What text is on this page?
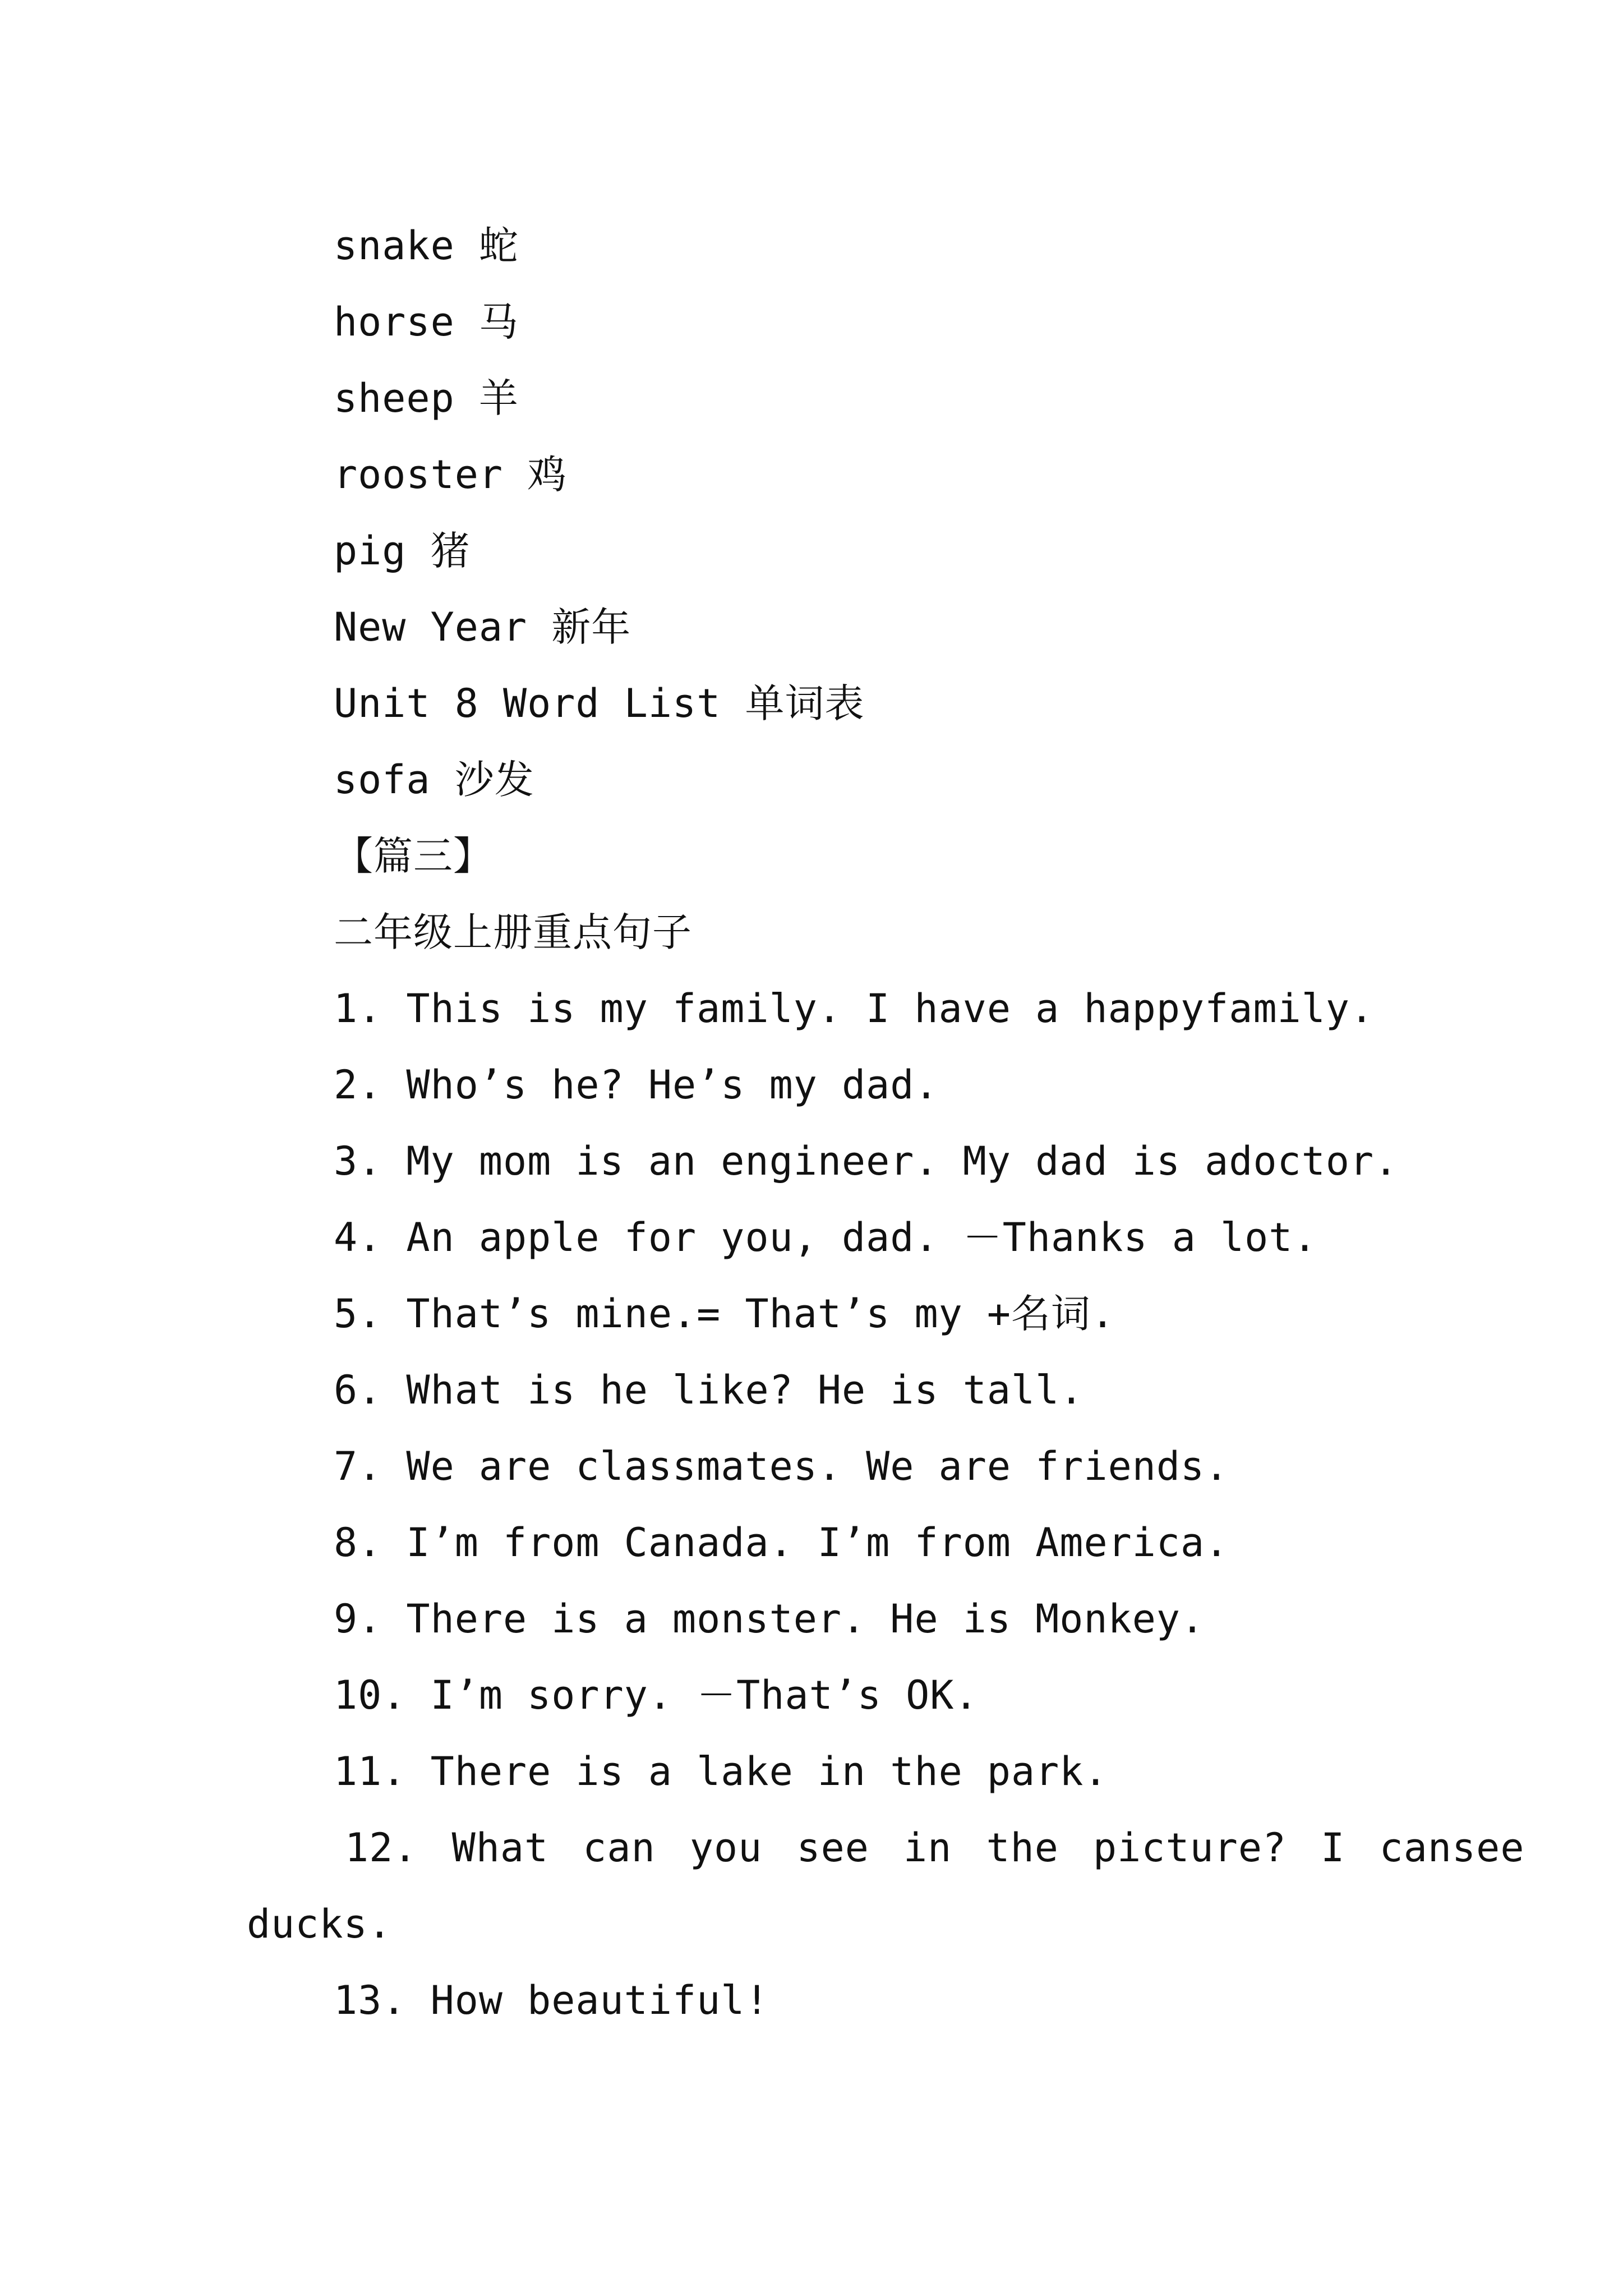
snake 蛇
horse 马
sheep 羊
rooster 鸡
pig 猪
New Year 新年
Unit 8 Word List 单词表
sofa 沙发
【篇三】
二年级上册重点句子
1. This is my family. I have a happyfamily.
2. Who’s he? He’s my dad.
3. My mom is an engineer. My dad is adoctor.
4. An apple for you, dad. －Thanks a lot.
5. That’s mine.= That’s my +名词.
6. What is he like? He is tall.
7. We are classmates. We are friends.
8. I’m from Canada. I’m from America.
9. There is a monster. He is Monkey.
10. I’m sorry. －That’s OK.
11. There is a lake in the park.
12. What can you see in the picture? I cansee
ducks.
13. How beautiful!
